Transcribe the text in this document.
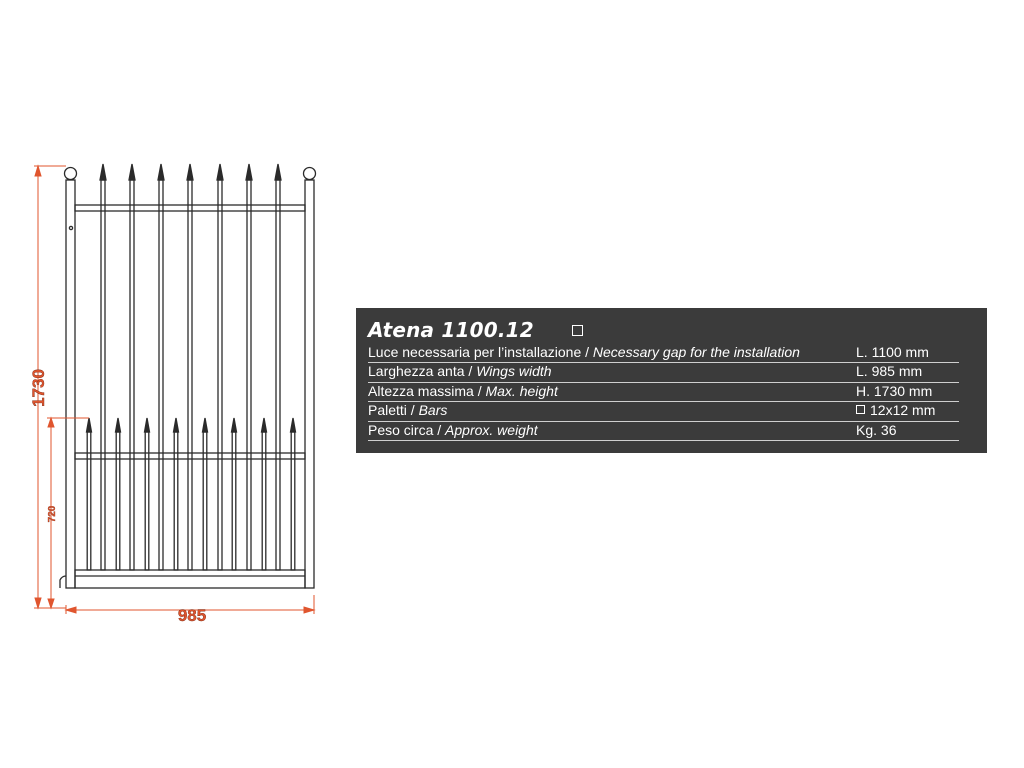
1730
720
985
Atena 1100.12
Luce necessaria per l’installazione / Necessary gap for the installation	L. 1100 mm
Larghezza anta / Wings width	L. 985 mm
Altezza massima / Max. height	H. 1730 mm
Paletti / Bars	12x12 mm
Peso circa / Approx. weight	Kg. 36
